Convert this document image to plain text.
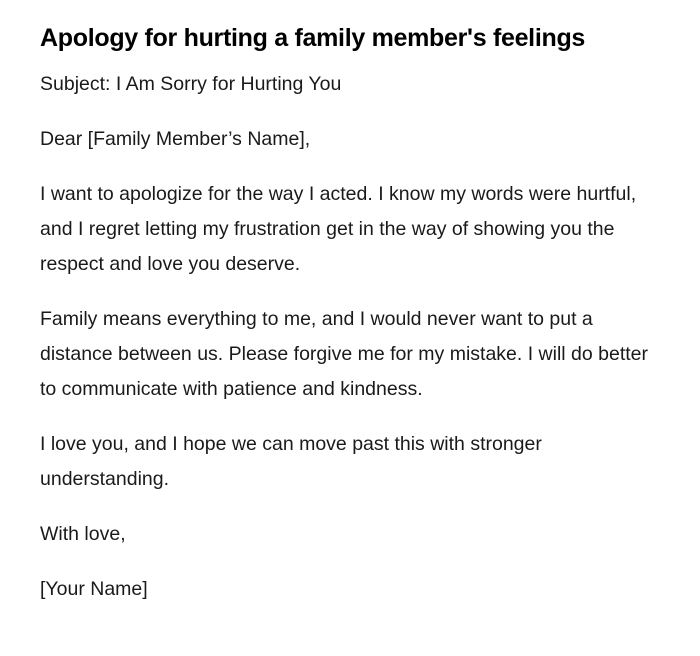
Apology for hurting a family member's feelings

Subject: I Am Sorry for Hurting You

Dear [Family Member’s Name],

I want to apologize for the way I acted. I know my words were hurtful, and I regret letting my frustration get in the way of showing you the respect and love you deserve.

Family means everything to me, and I would never want to put a distance between us. Please forgive me for my mistake. I will do better to communicate with patience and kindness.

I love you, and I hope we can move past this with stronger understanding.

With love,

[Your Name]
